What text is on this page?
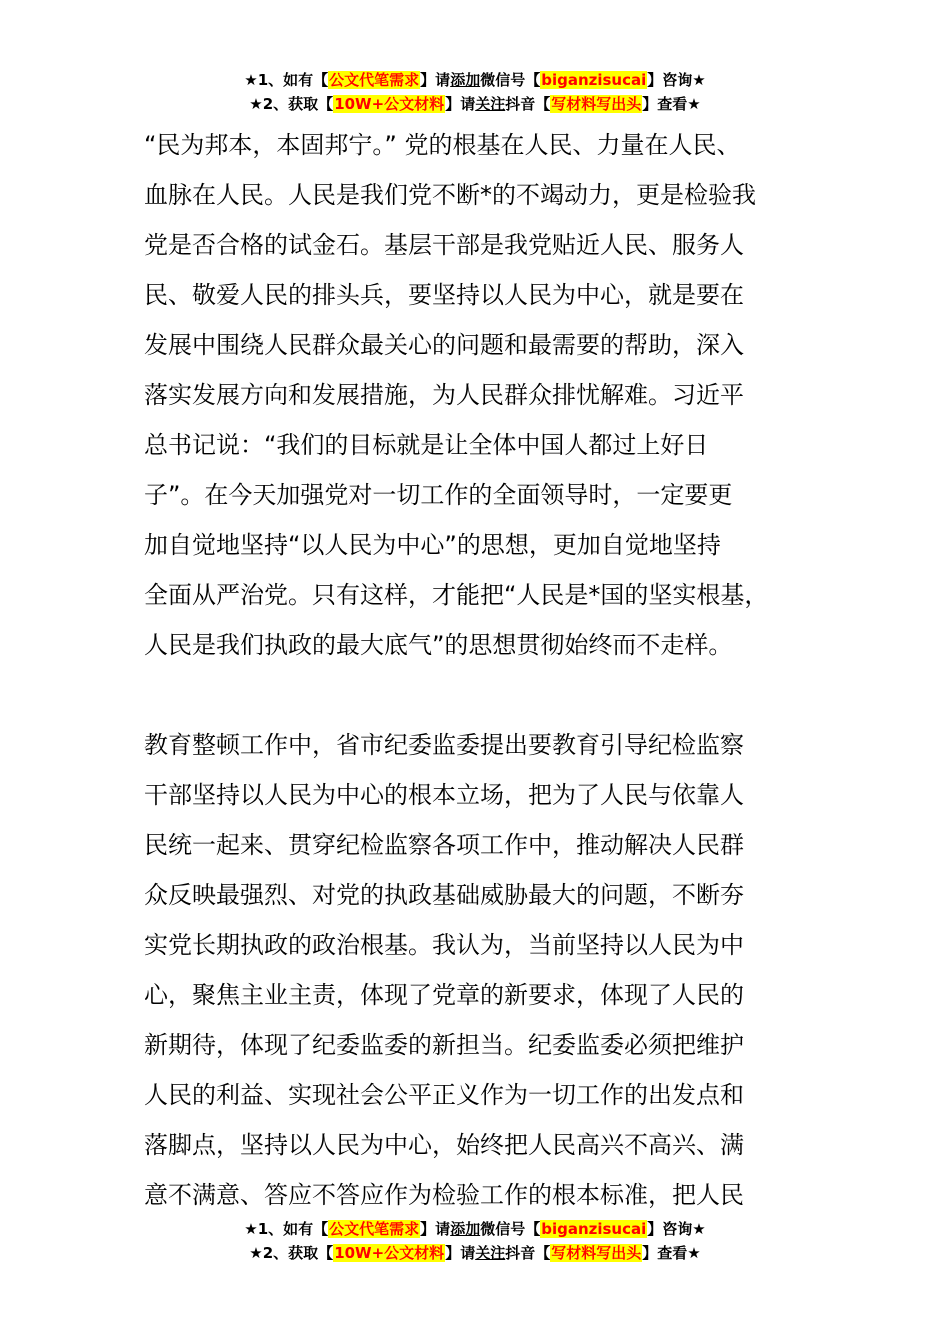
★1、如有【公文代笔需求】请添加微信号【biganzisucai】咨询★
★2、获取【10W+公文材料】请关注抖音【写材料写出头】查看★

“民为邦本，本固邦宁。” 党的根基在人民、力量在人民、

血脉在人民。人民是我们党不断*的不竭动力，更是检验我

党是否合格的试金石。基层干部是我党贴近人民、服务人

民、敬爱人民的排头兵，要坚持以人民为中心，就是要在

发展中围绕人民群众最关心的问题和最需要的帮助，深入

落实发展方向和发展措施，为人民群众排忧解难。习近平

总书记说：“我们的目标就是让全体中国人都过上好日

子”。在今天加强党对一切工作的全面领导时，一定要更

加自觉地坚持“以人民为中心”的思想，更加自觉地坚持

全面从严治党。只有这样，才能把“人民是*国的坚实根基，

人民是我们执政的最大底气”的思想贯彻始终而不走样。

教育整顿工作中，省市纪委监委提出要教育引导纪检监察

干部坚持以人民为中心的根本立场，把为了人民与依靠人

民统一起来、贯穿纪检监察各项工作中，推动解决人民群

众反映最强烈、对党的执政基础威胁最大的问题，不断夯

实党长期执政的政治根基。我认为，当前坚持以人民为中

心，聚焦主业主责，体现了党章的新要求，体现了人民的

新期待，体现了纪委监委的新担当。纪委监委必须把维护

人民的利益、实现社会公平正义作为一切工作的出发点和

落脚点，坚持以人民为中心，始终把人民高兴不高兴、满

意不满意、答应不答应作为检验工作的根本标准，把人民

★1、如有【公文代笔需求】请添加微信号【biganzisucai】咨询★
★2、获取【10W+公文材料】请关注抖音【写材料写出头】查看★
